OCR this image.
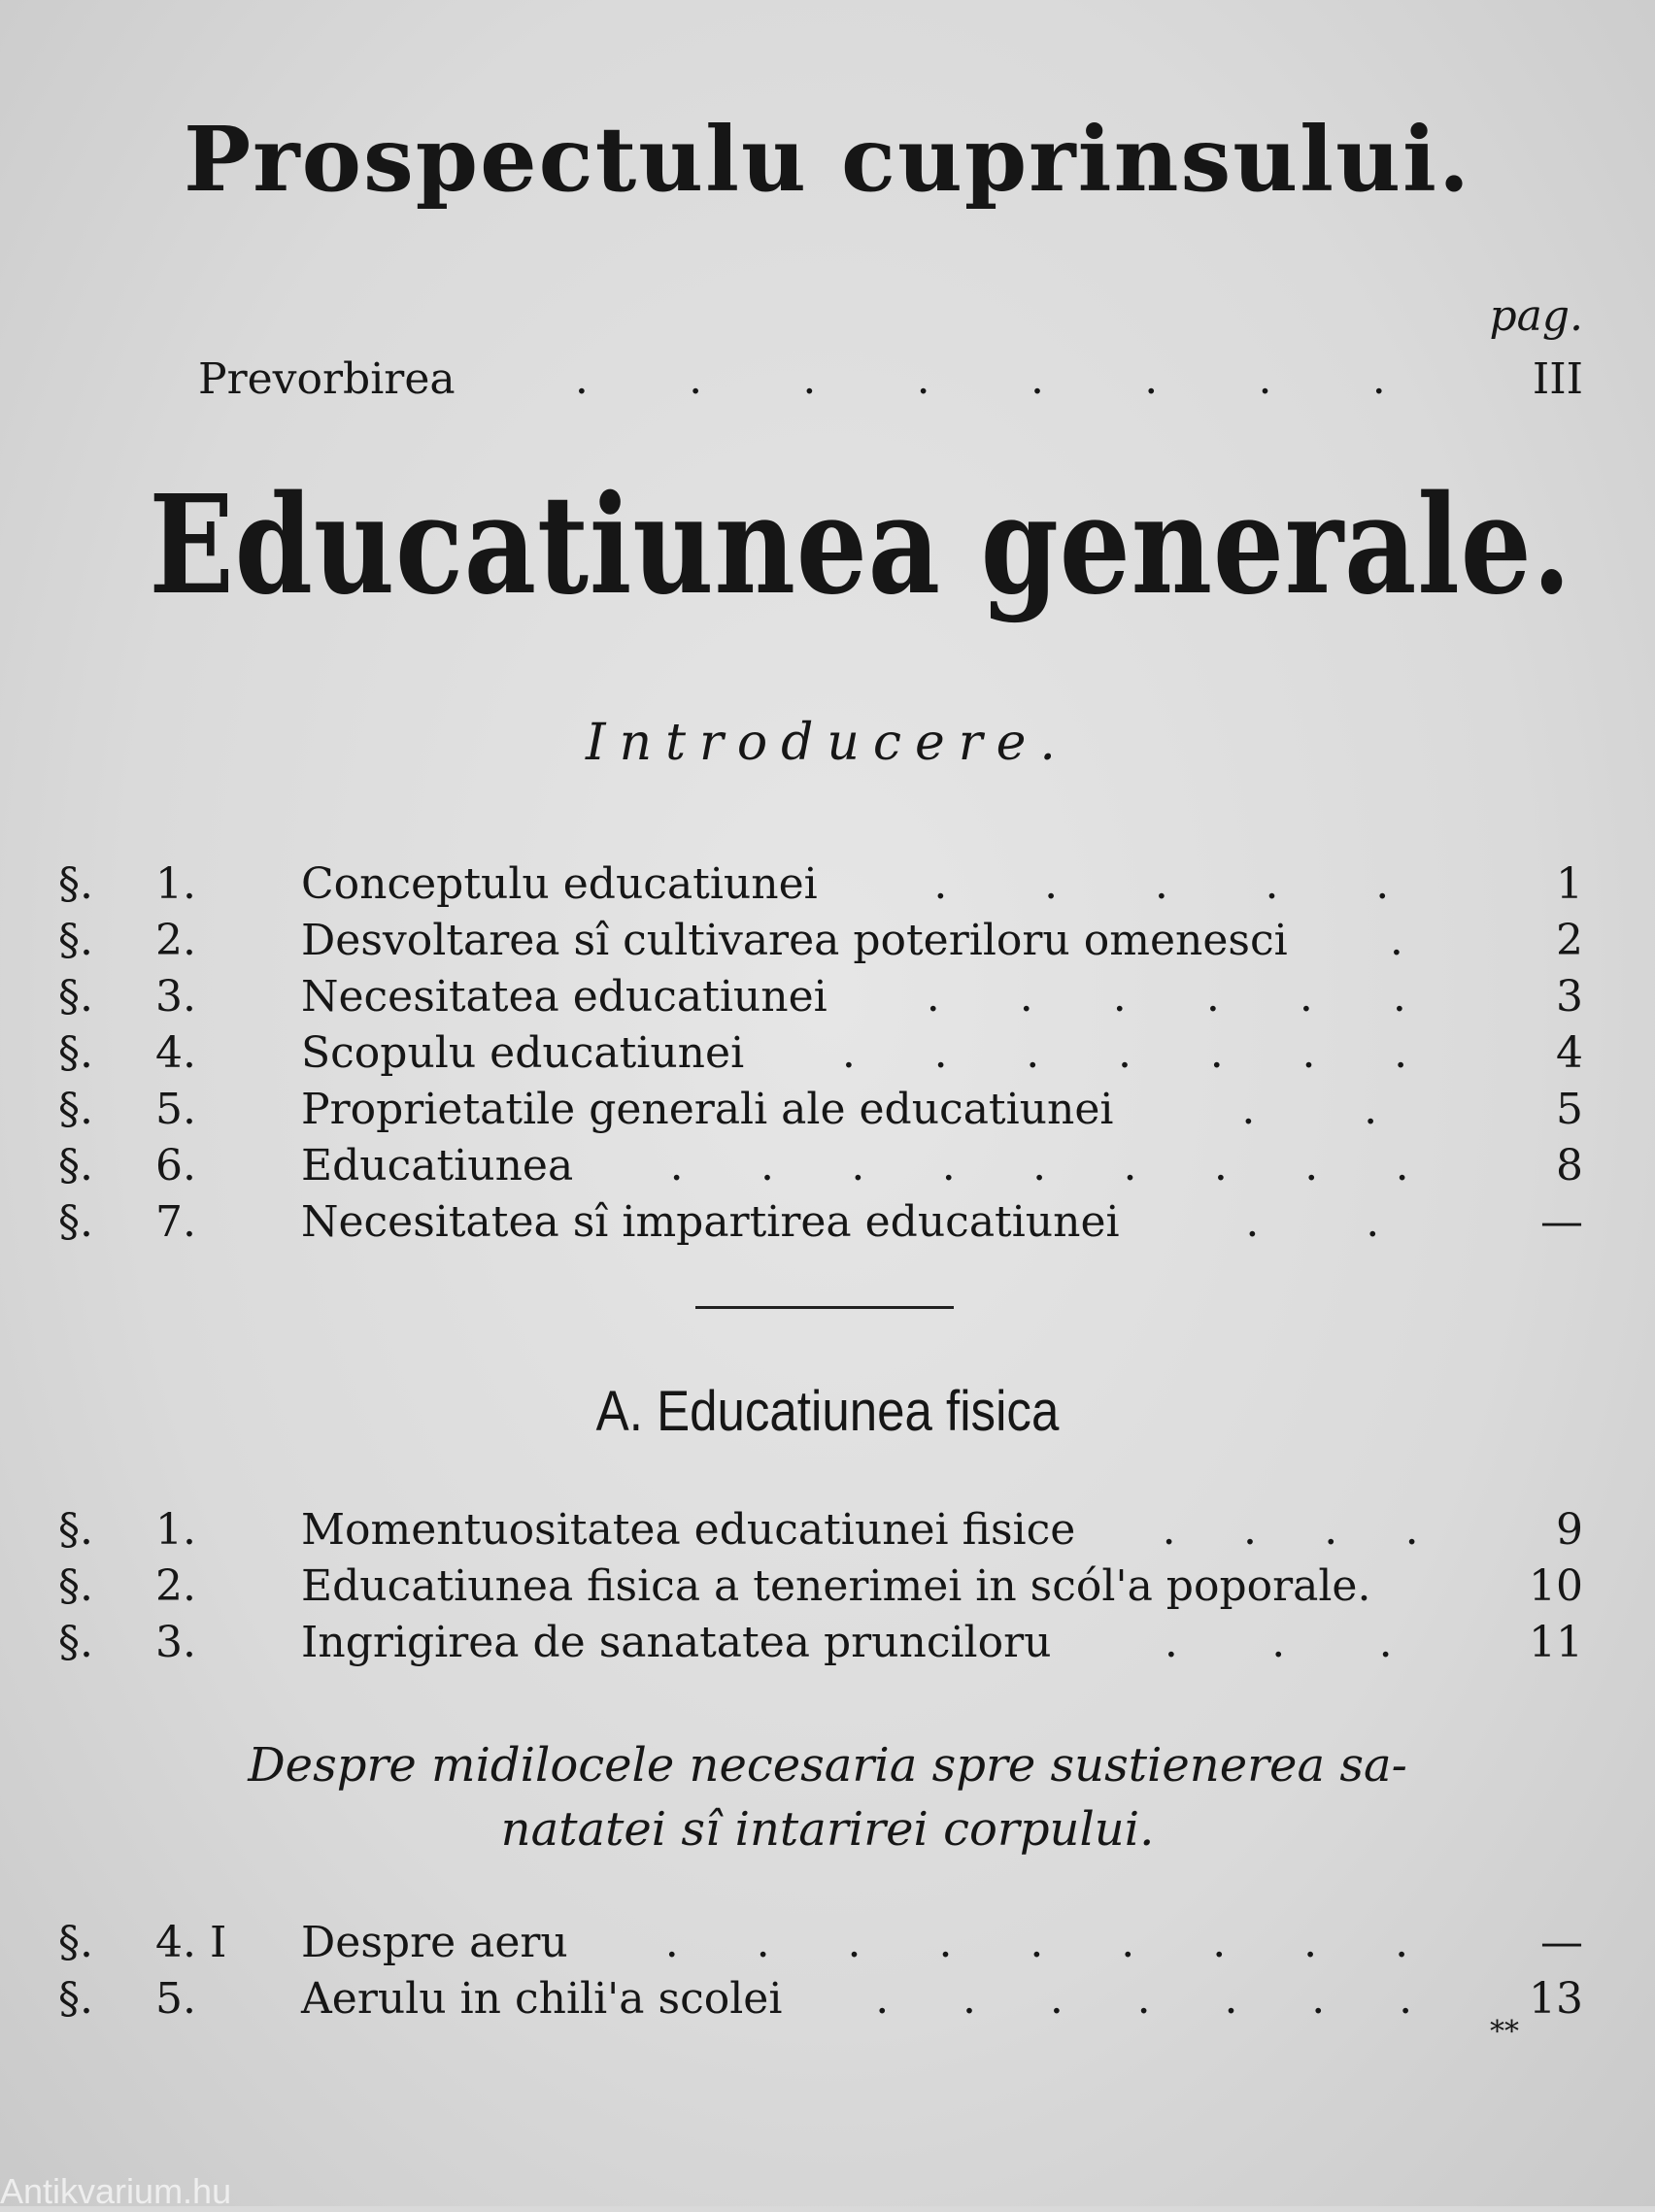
Prospectulu cuprinsului.
pag.
Prevorbirea	. . . . . . . .	III
Educatiunea generale.
Introducere.
§.	1.	Conceptulu educatiunei	. . . . .	1
§.	2.	Desvoltarea sî cultivarea poteriloru omenesci .	2
§.	3.	Necesitatea educatiunei . . . . . .	3
§.	4.	Scopulu educatiunei . . . . . . .	4
§.	5.	Proprietatile generali ale educatiunei	.	.	5
§.	6.	Educatiunea . . . . . . . . .	8
§.	7.	Necesitatea sî impartirea educatiunei	. .	—
A. Educatiunea fisica
§.	1.	Momentuositatea educatiunei fisice . . . .	9
§.	2.	Educatiunea fisica a tenerimei in scól'a poporale.	10
§.	3.	Ingrigirea de sanatatea prunciloru	. . .	11
Despre midilocele necesaria spre sustienerea sa-
natatei sî intarirei corpului.
§.	4. I	Despre aeru . . . . . . . . .	—
§.	5.	Aerulu in chili'a scolei . . . . . . .	13
**
Antikvarium.hu
